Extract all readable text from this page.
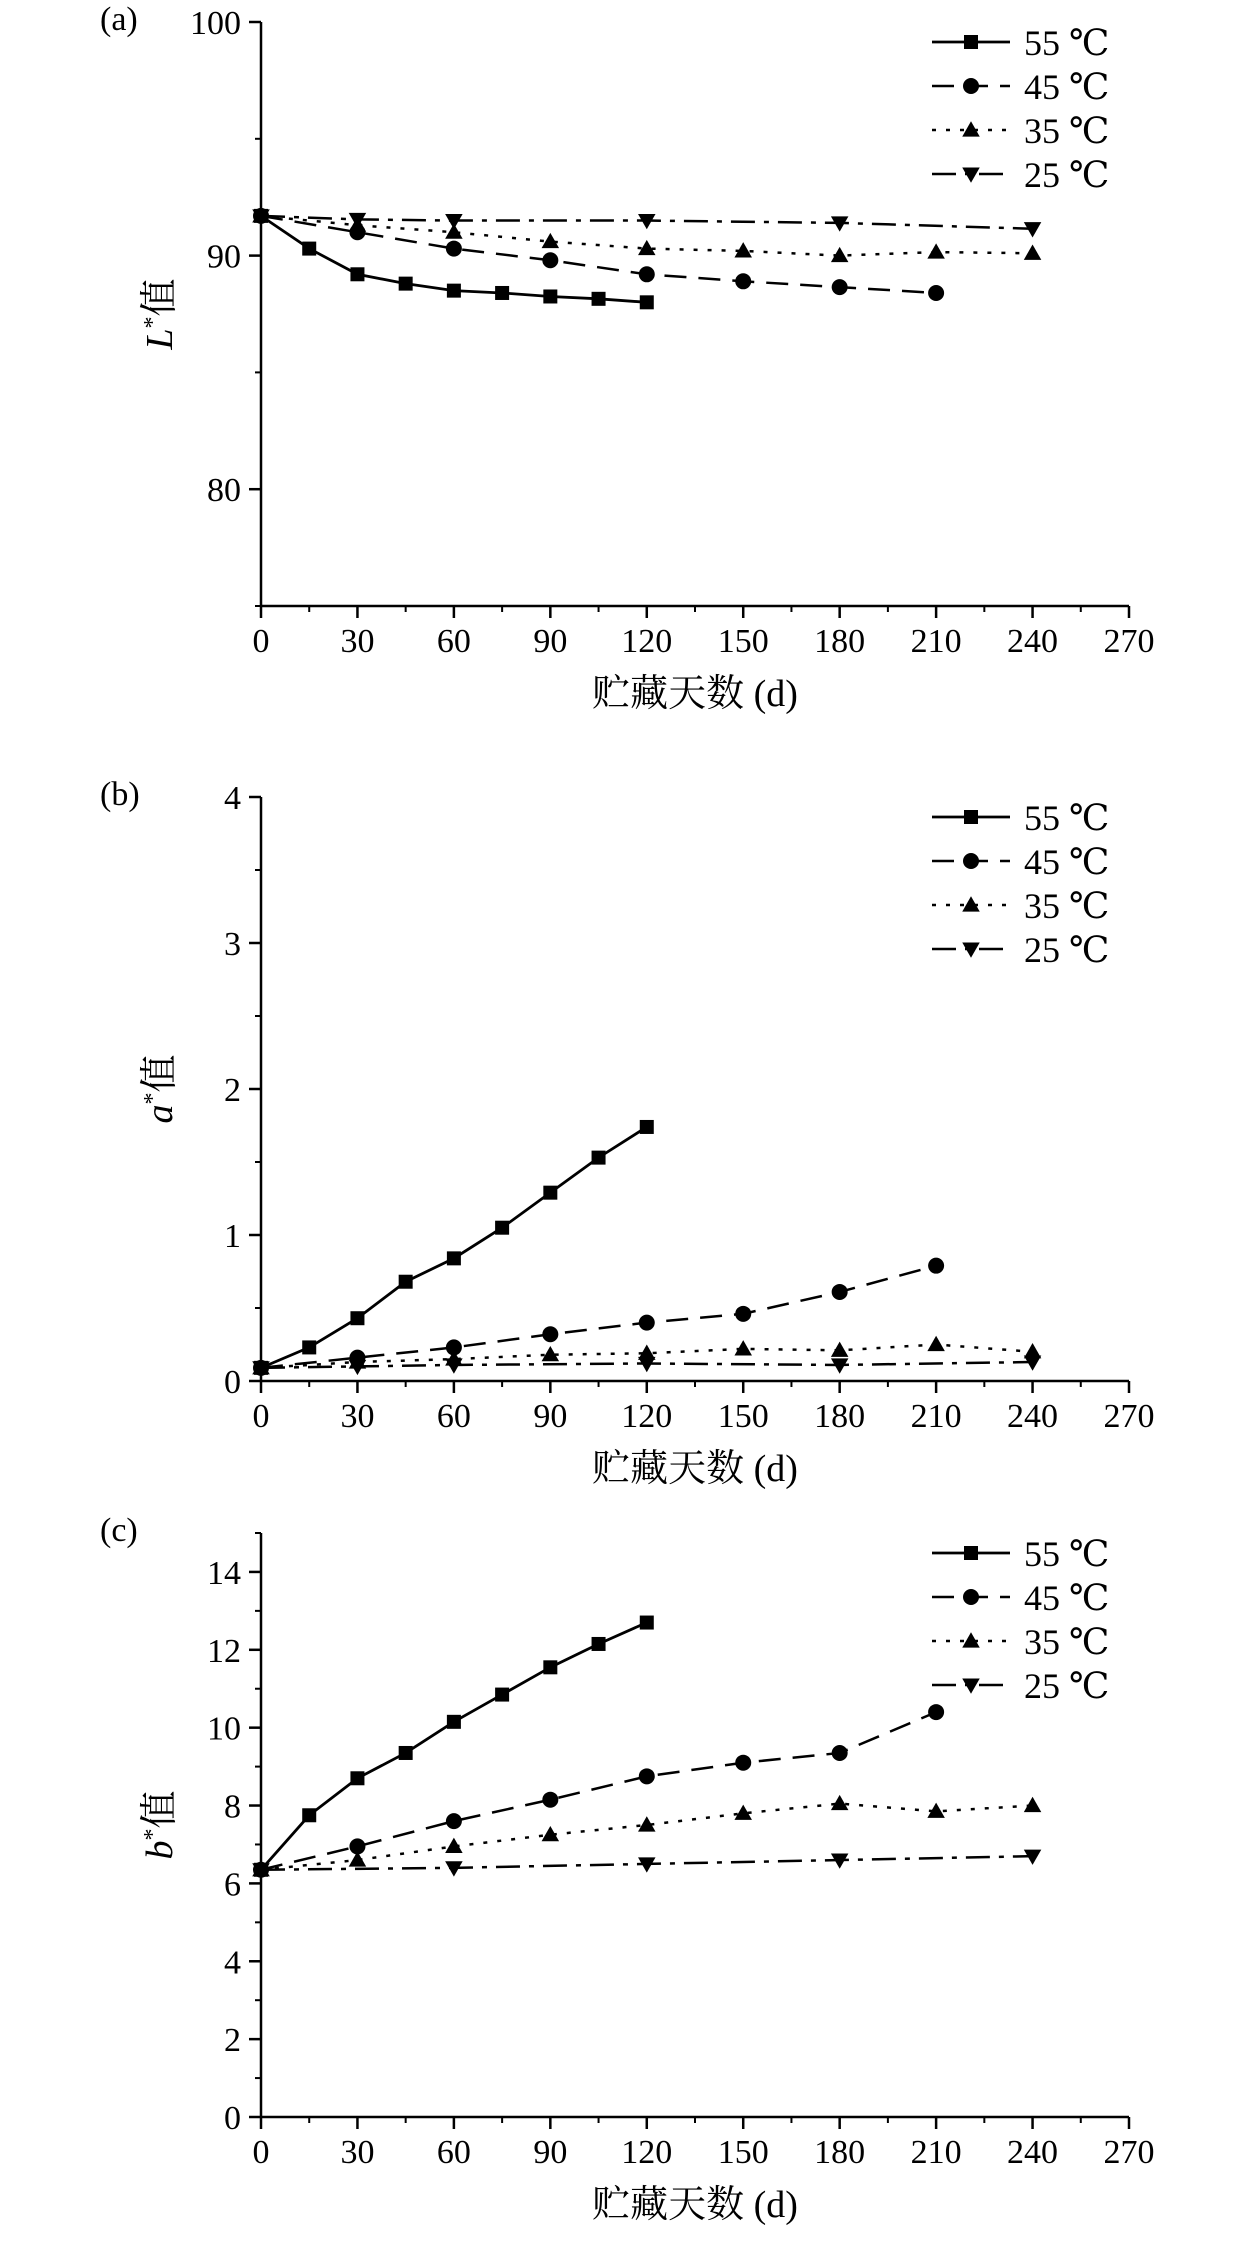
0 30 60 90 120 150 180 210 240 270
80
90
100
贮藏天数 (d)
L*值
(a)
55 ℃
45 ℃
35 ℃
25 ℃
0 30 60 90 120 150 180 210 240 270
0
1
2
3
4
贮藏天数 (d)
a*值
(b)
55 ℃
45 ℃
35 ℃
25 ℃
0 30 60 90 120 150 180 210 240 270
0
2
4
6
8
10
12
14
贮藏天数 (d)
b*值
(c)
55 ℃
45 ℃
35 ℃
25 ℃
